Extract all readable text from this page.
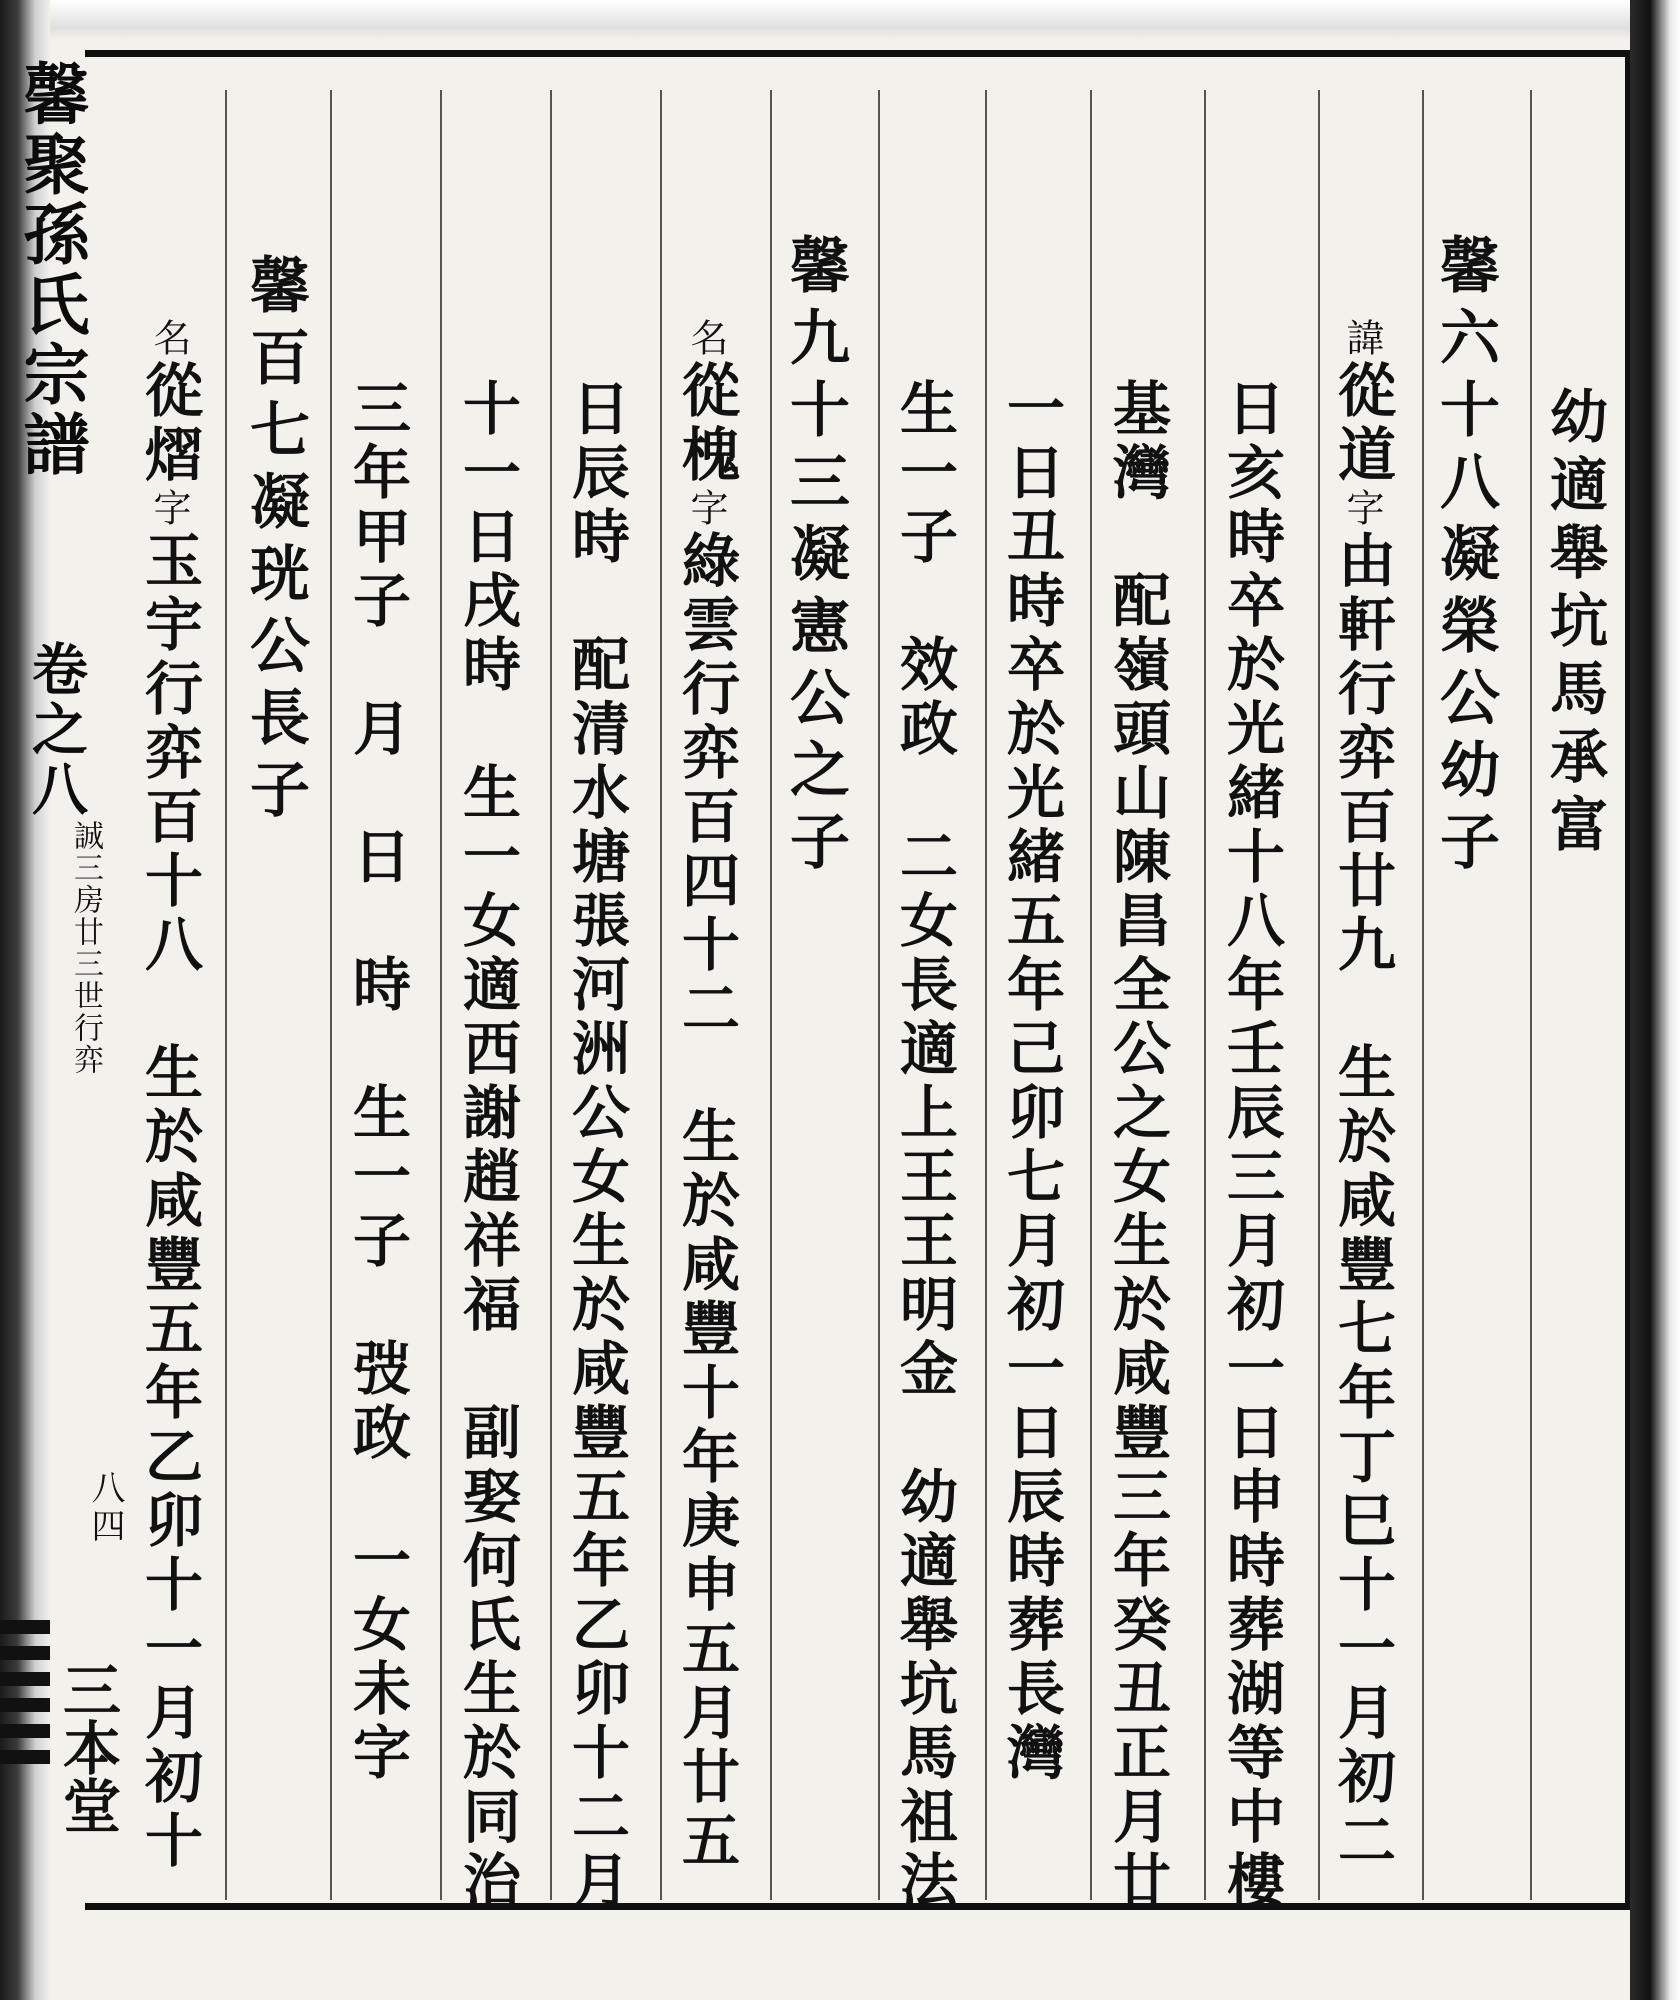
馨聚孫氏宗譜
卷之八
誠三房廿三世行弈
八四
三本堂

幼適舉坑馬承富

馨六十八凝榮公幼子

諱從道字由軒行弈百廿九　生於咸豐七年丁巳十一月初二

日亥時卒於光緒十八年壬辰三月初一日申時葬湖等中樓

基灣　配嶺頭山陳昌全公之女生於咸豐三年癸丑正月廿

一日丑時卒於光緒五年己卯七月初一日辰時葬長灣

生一子　效政　二女長適上王王明金　幼適舉坑馬祖法

馨九十三凝憲公之子

名從槐字綠雲行弈百四十二　生於咸豐十年庚申五月廿五

日辰時　配清水塘張河洲公女生於咸豐五年乙卯十二月

十一日戌時　生一女適西謝趙祥福　副娶何氏生於同治

三年甲子　月　日　時　生一子　弢政　一女未字

馨百七凝珖公長子

名從熠字玉宇行弈百十八　生於咸豐五年乙卯十一月初十
